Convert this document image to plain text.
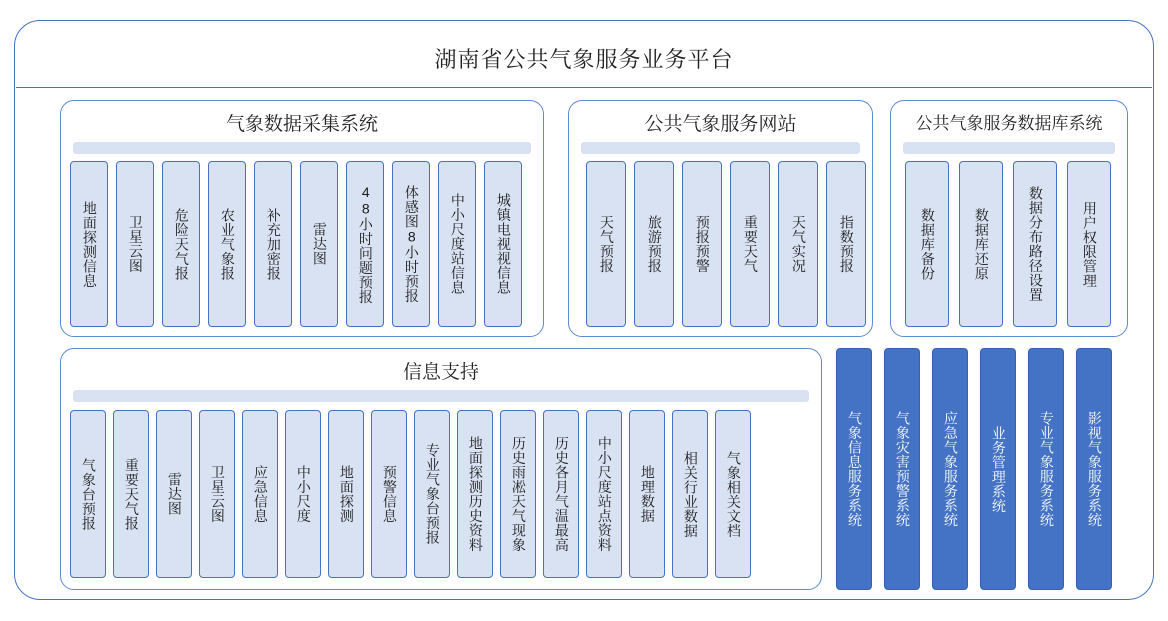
湖南省公共气象服务业务平台
气象数据采集系统
地面探测信息 卫星云图 危险天气报 农业气象报 补充加密报 雷达图 48小时问题预报 体感图8小时预报 中小尺度站信息 城镇电视视信息
公共气象服务网站
天气预报 旅游预报 预报预警 重要天气 天气实况 指数预报
公共气象服务数据库系统
数据库备份	数据库还原	数据分布路径设置	用户权限管理
信息支持
气象台预报 重要天气报 雷达图 卫星云图 应急信息 中小尺度 地面探测 预警信息 专业气象台预报 地面探测历史资料 历史雨凇天气现象 历史各月气温最高 中小尺度站点资料 地理数据 相关行业数据 气象相关文档	气象信息服务系统 气象灾害预警系统 应急气象服务系统 业务管理系统 专业气象服务系统 影视气象服务系统
